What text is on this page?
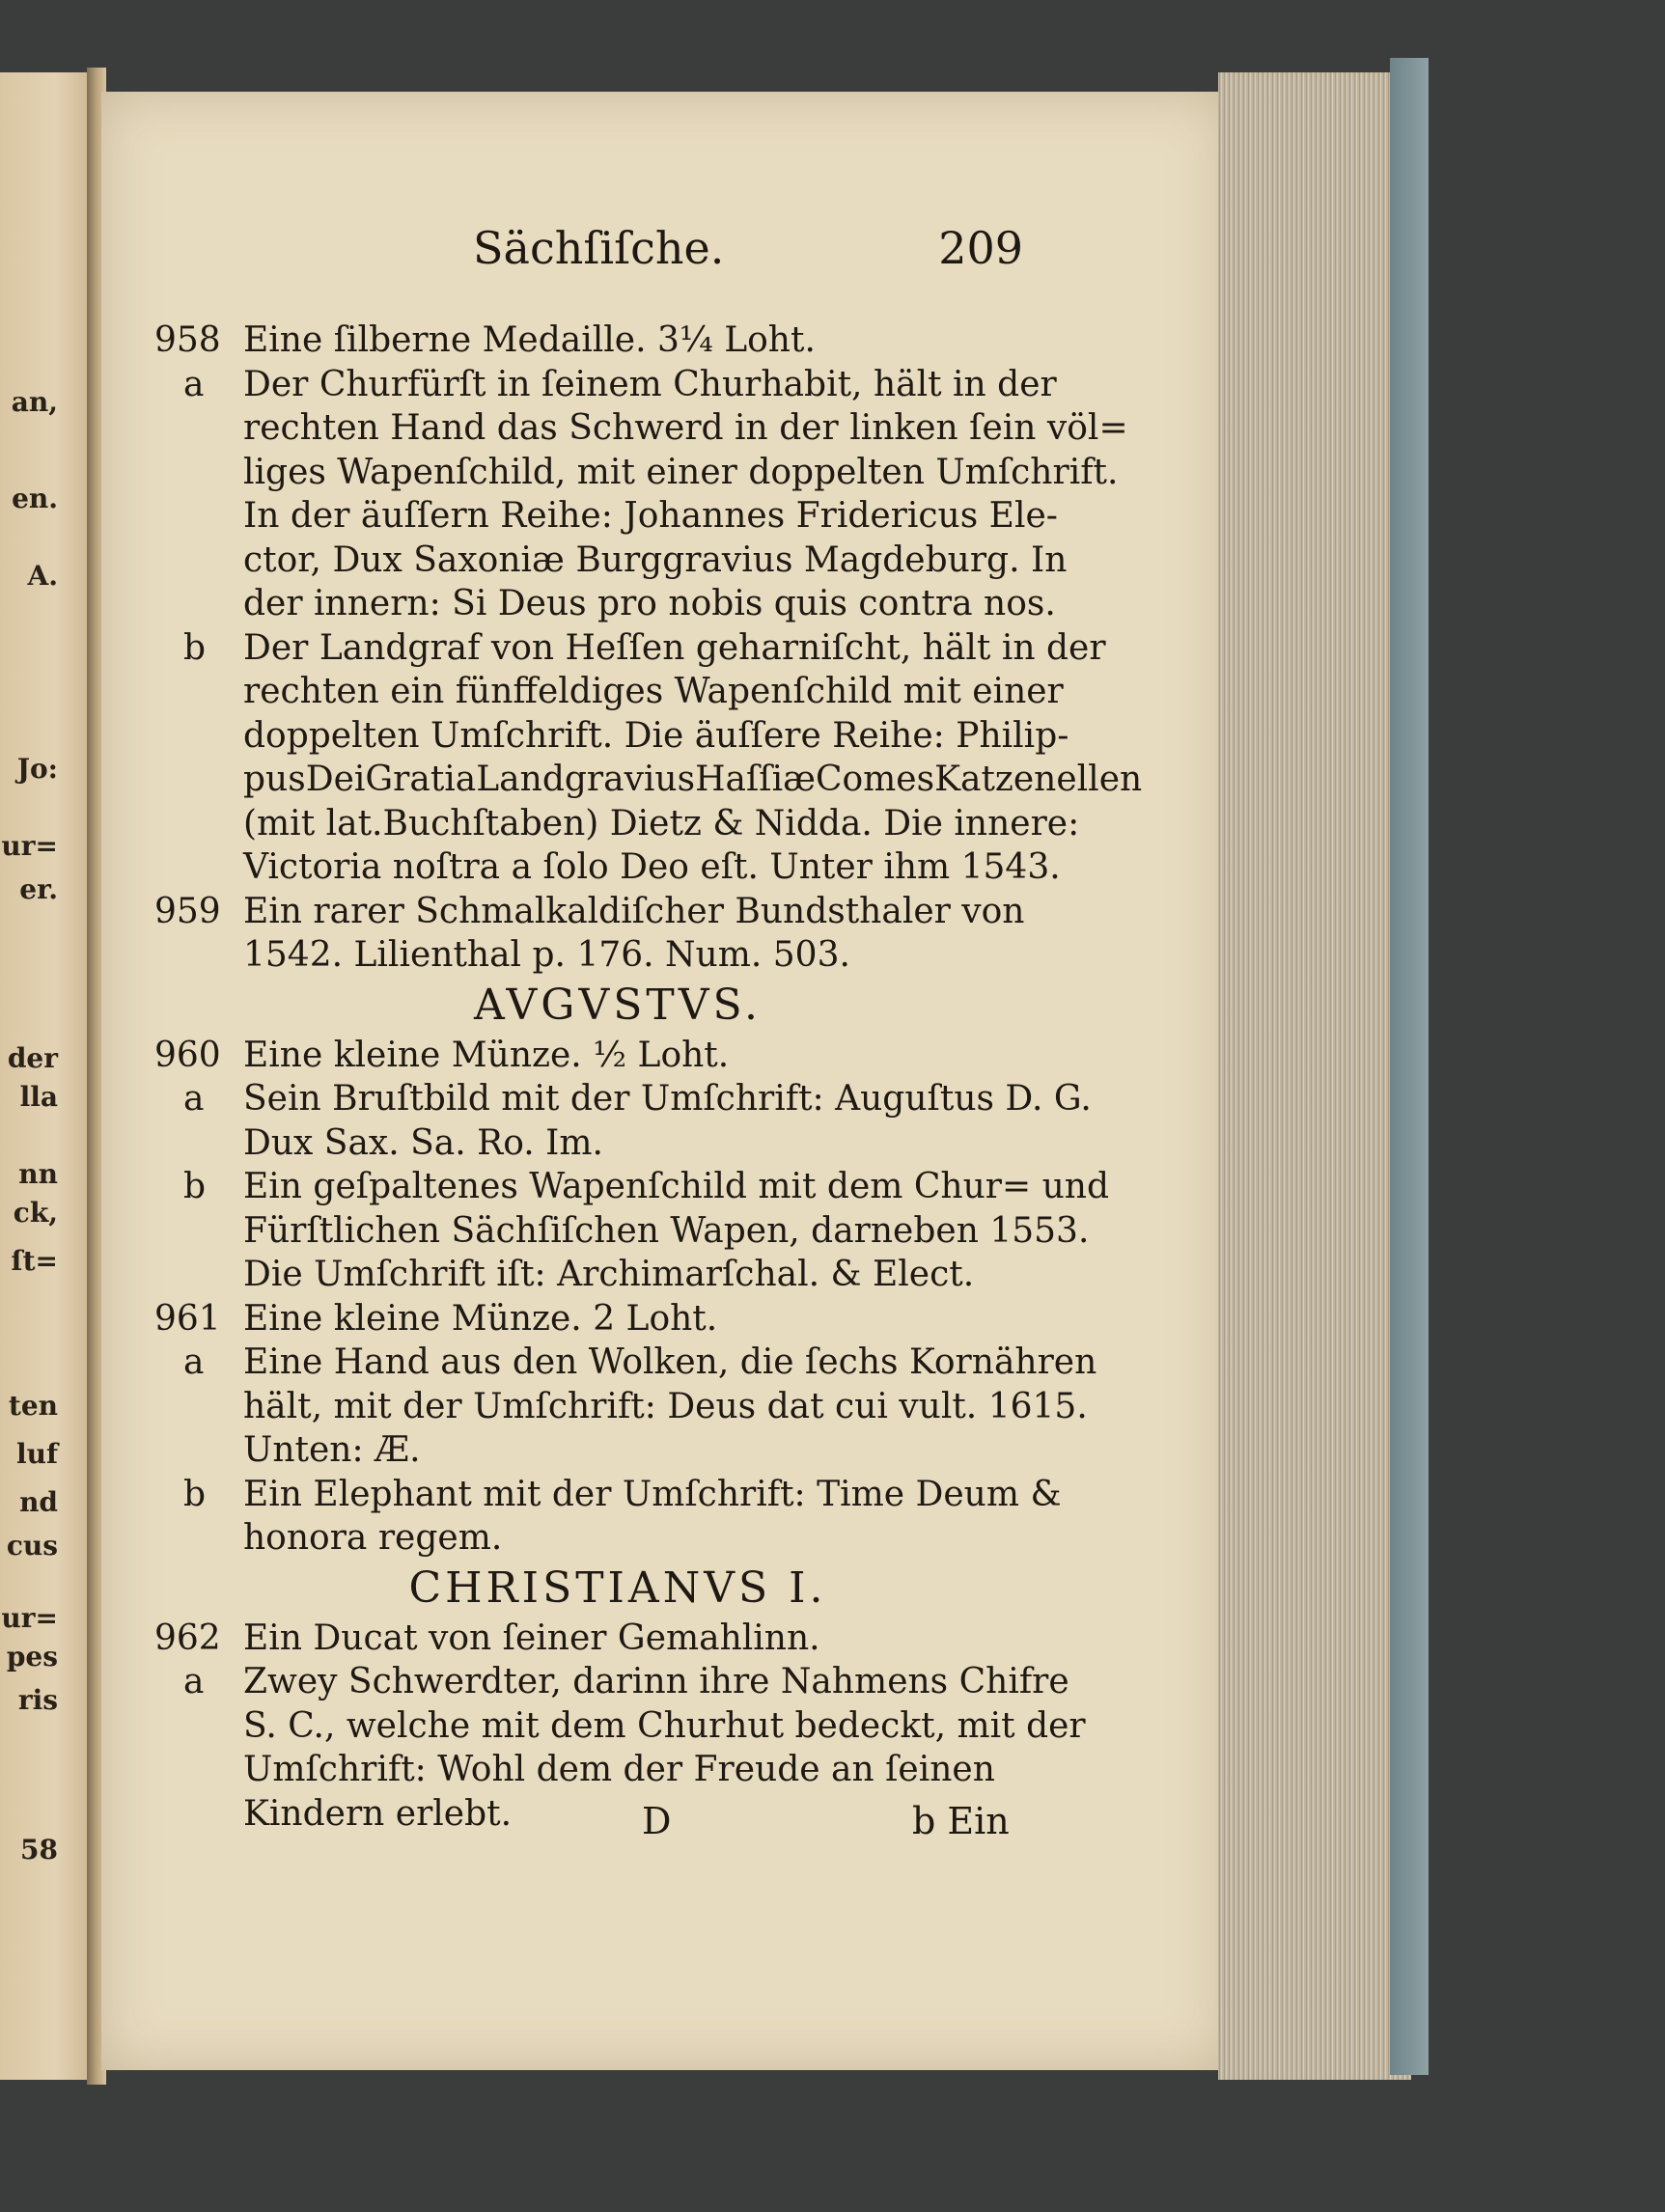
an,
en.
A.
Jo:
ur=
er.
der
lla
nn
ck,
ſt=
ten
luf
nd
cus
ur=
pes
ris
58
Sächſiſche.	209
958 Eine ſilberne Medaille. 3¼ Loht.
a	Der Churfürſt in ſeinem Churhabit, hält in der
rechten Hand das Schwerd in der linken ſein völ=
liges Wapenſchild, mit einer doppelten Umſchrift.
In der äuſſern Reihe: Johannes Fridericus Ele-
ctor, Dux Saxoniæ Burggravius Magdeburg. In
der innern: Si Deus pro nobis quis contra nos.
b	Der Landgraf von Heſſen geharniſcht, hält in der
rechten ein fünffeldiges Wapenſchild mit einer
doppelten Umſchrift. Die äuſſere Reihe: Philip-
pusDeiGratiaLandgraviusHaſſiæComesKatzenellen
(mit lat.Buchſtaben) Dietz & Nidda. Die innere:
Victoria noſtra a ſolo Deo eſt. Unter ihm 1543.
959 Ein rarer Schmalkaldiſcher Bundsthaler von
1542. Lilienthal p. 176. Num. 503.
AVGVSTVS.
960 Eine kleine Münze. ½ Loht.
a	Sein Bruſtbild mit der Umſchrift: Auguſtus D. G.
Dux Sax. Sa. Ro. Im.
b	Ein geſpaltenes Wapenſchild mit dem Chur= und
Fürſtlichen Sächſiſchen Wapen, darneben 1553.
Die Umſchrift iſt: Archimarſchal. & Elect.
961 Eine kleine Münze. 2 Loht.
a	Eine Hand aus den Wolken, die ſechs Kornähren
hält, mit der Umſchrift: Deus dat cui vult. 1615.
Unten: Æ.
b	Ein Elephant mit der Umſchrift: Time Deum &
honora regem.
CHRISTIANVS I.
962 Ein Ducat von ſeiner Gemahlinn.
a	Zwey Schwerdter, darinn ihre Nahmens Chifre
S. C., welche mit dem Churhut bedeckt, mit der
Umſchrift: Wohl dem der Freude an ſeinen
Kindern erlebt.	D	b Ein
